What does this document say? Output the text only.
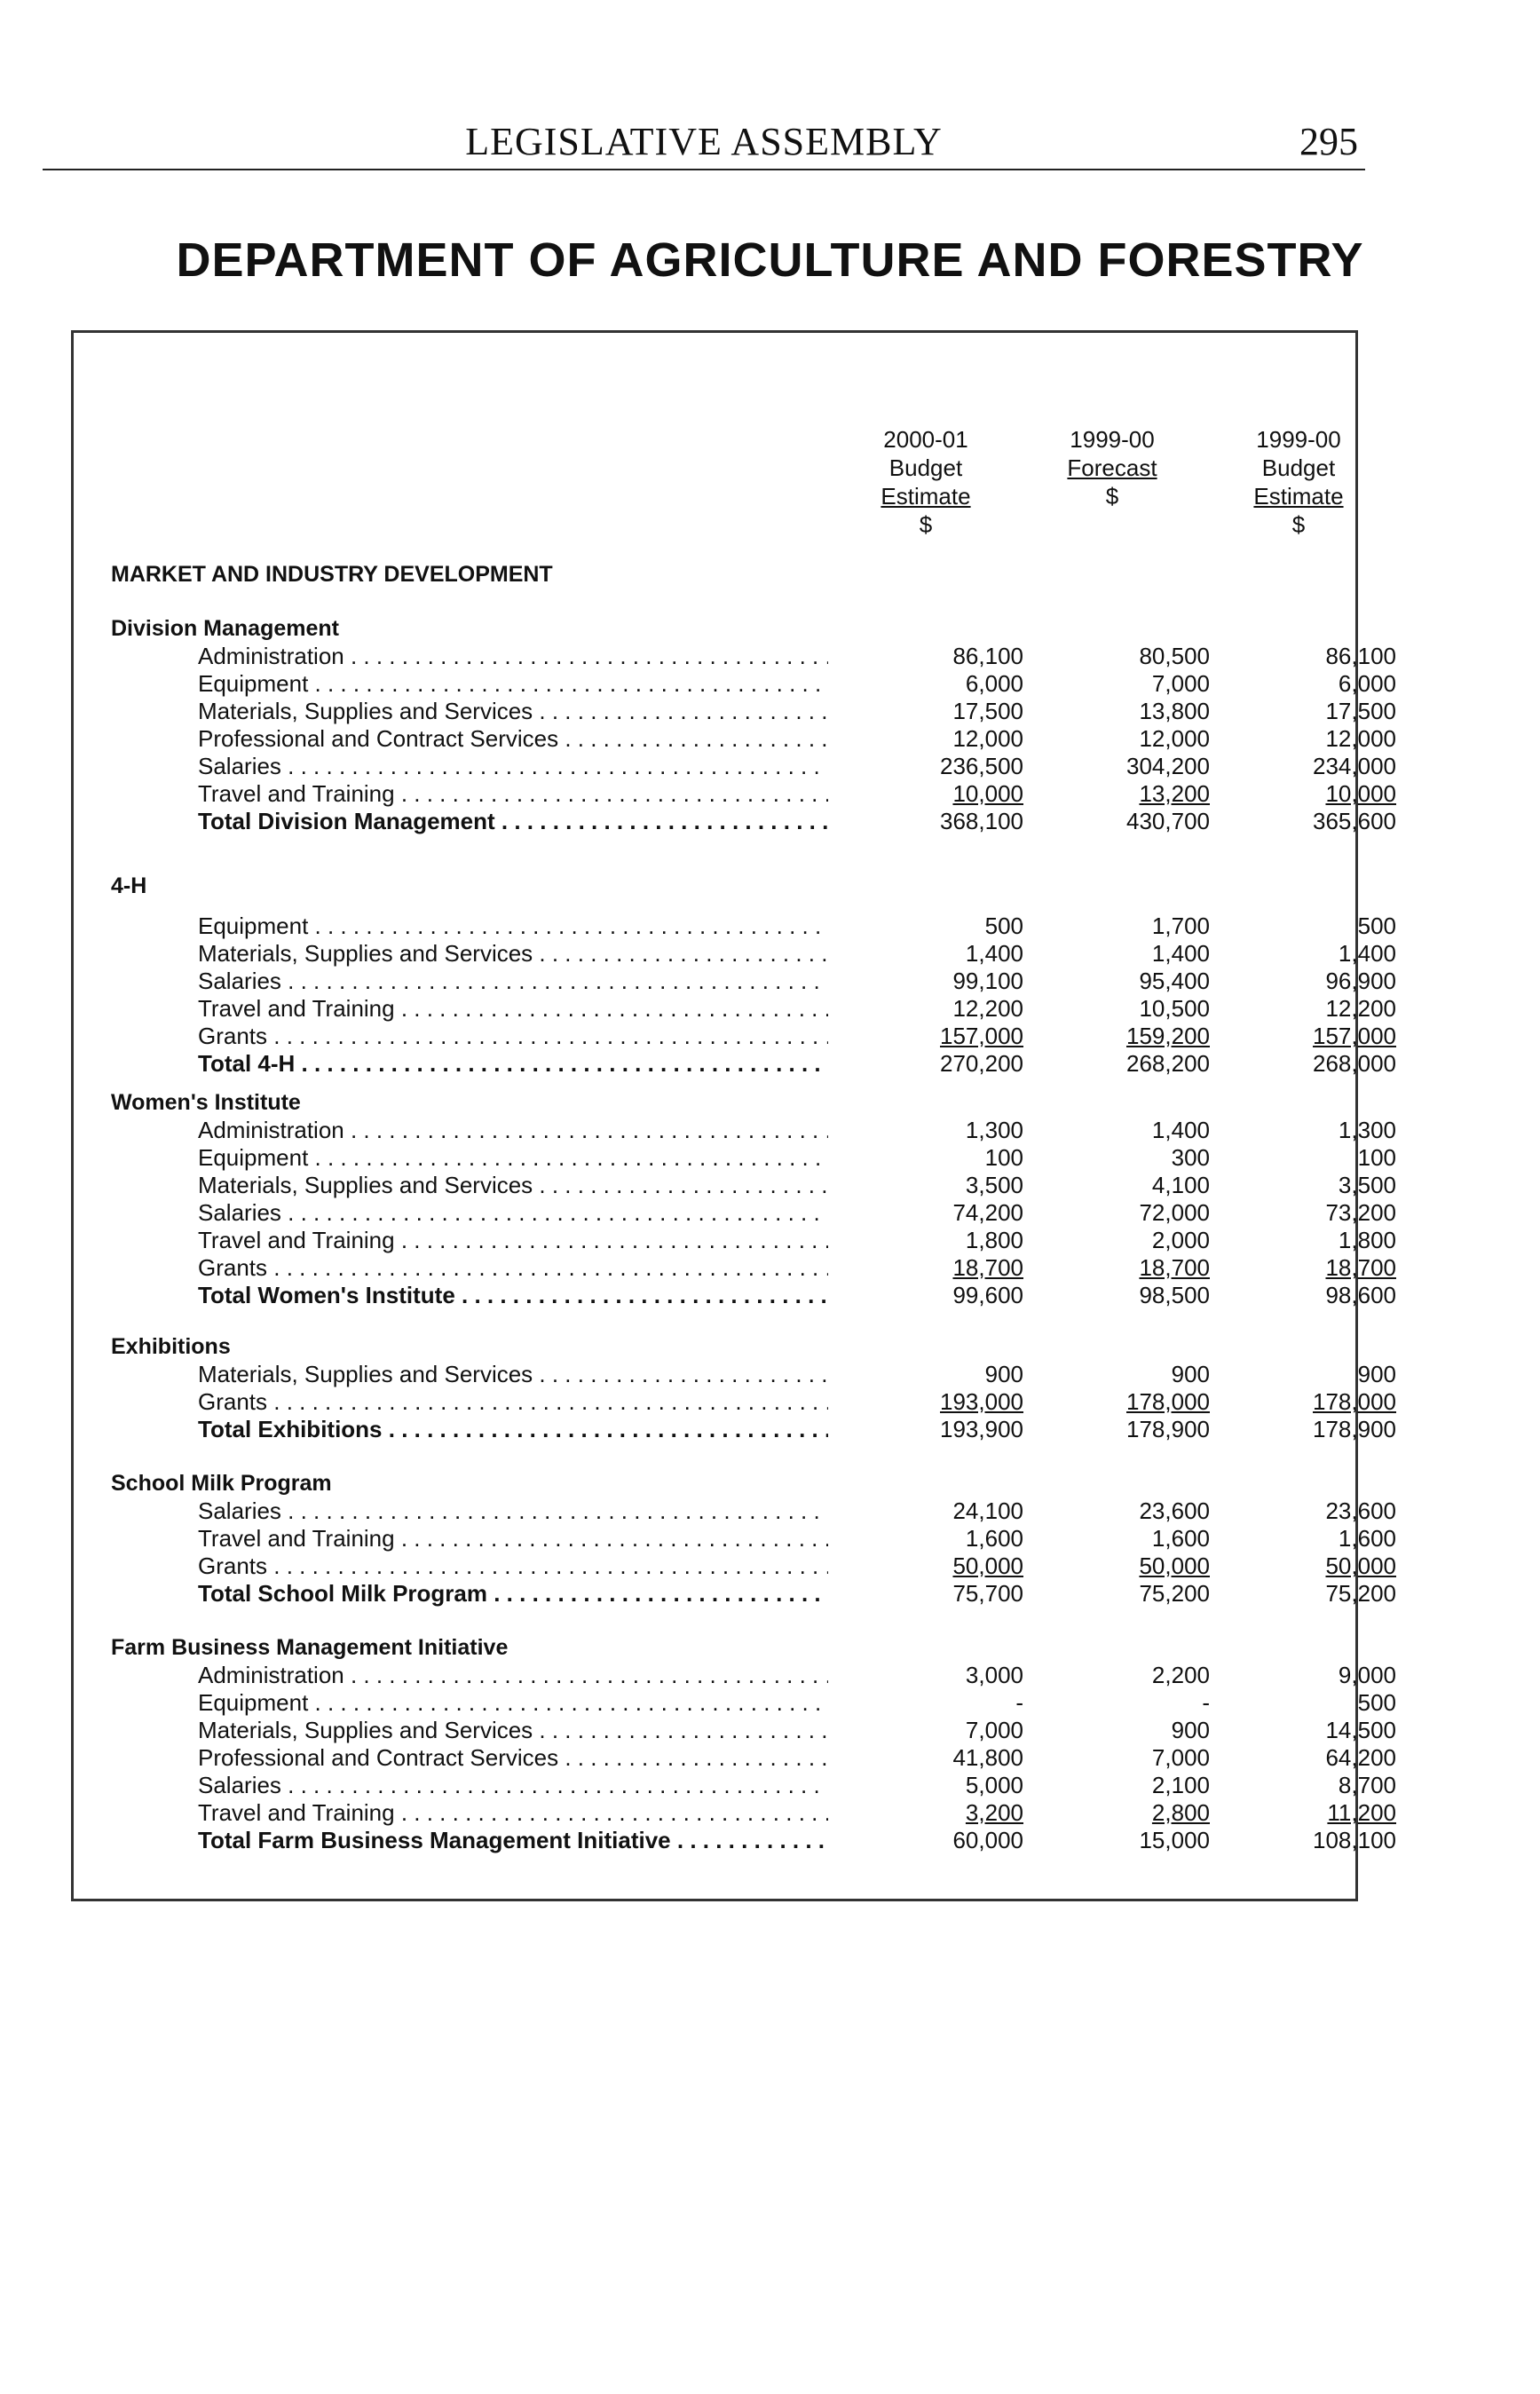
LEGISLATIVE ASSEMBLY	295
DEPARTMENT OF AGRICULTURE AND FORESTRY
2000-01
Budget
Estimate
$
1999-00
Forecast
$
1999-00
Budget
Estimate
$
MARKET AND INDUSTRY DEVELOPMENT
Division Management
Administration . . .	86,100	80,500	86,100
Equipment . . .	6,000	7,000	6,000
Materials, Supplies and Services . . .	17,500	13,800	17,500
Professional and Contract Services . . .	12,000	12,000	12,000
Salaries . . .	236,500	304,200	234,000
Travel and Training . . .	10,000	13,200	10,000
Total Division Management . . .	368,100	430,700	365,600
4-H
Equipment . . .	500	1,700	500
Materials, Supplies and Services . . .	1,400	1,400	1,400
Salaries . . .	99,100	95,400	96,900
Travel and Training . . .	12,200	10,500	12,200
Grants . . .	157,000	159,200	157,000
Total 4-H . . .	270,200	268,200	268,000
Women's Institute
Administration . . .	1,300	1,400	1,300
Equipment . . .	100	300	100
Materials, Supplies and Services . . .	3,500	4,100	3,500
Salaries . . .	74,200	72,000	73,200
Travel and Training . . .	1,800	2,000	1,800
Grants . . .	18,700	18,700	18,700
Total Women's Institute . . .	99,600	98,500	98,600
Exhibitions
Materials, Supplies and Services . . .	900	900	900
Grants . . .	193,000	178,000	178,000
Total Exhibitions . . .	193,900	178,900	178,900
School Milk Program
Salaries . . .	24,100	23,600	23,600
Travel and Training . . .	1,600	1,600	1,600
Grants . . .	50,000	50,000	50,000
Total School Milk Program . . .	75,700	75,200	75,200
Farm Business Management Initiative
Administration . . .	3,000	2,200	9,000
Equipment . . .	-	-	500
Materials, Supplies and Services . . .	7,000	900	14,500
Professional and Contract Services . . .	41,800	7,000	64,200
Salaries . . .	5,000	2,100	8,700
Travel and Training . . .	3,200	2,800	11,200
Total Farm Business Management Initiative . . .	60,000	15,000	108,100
